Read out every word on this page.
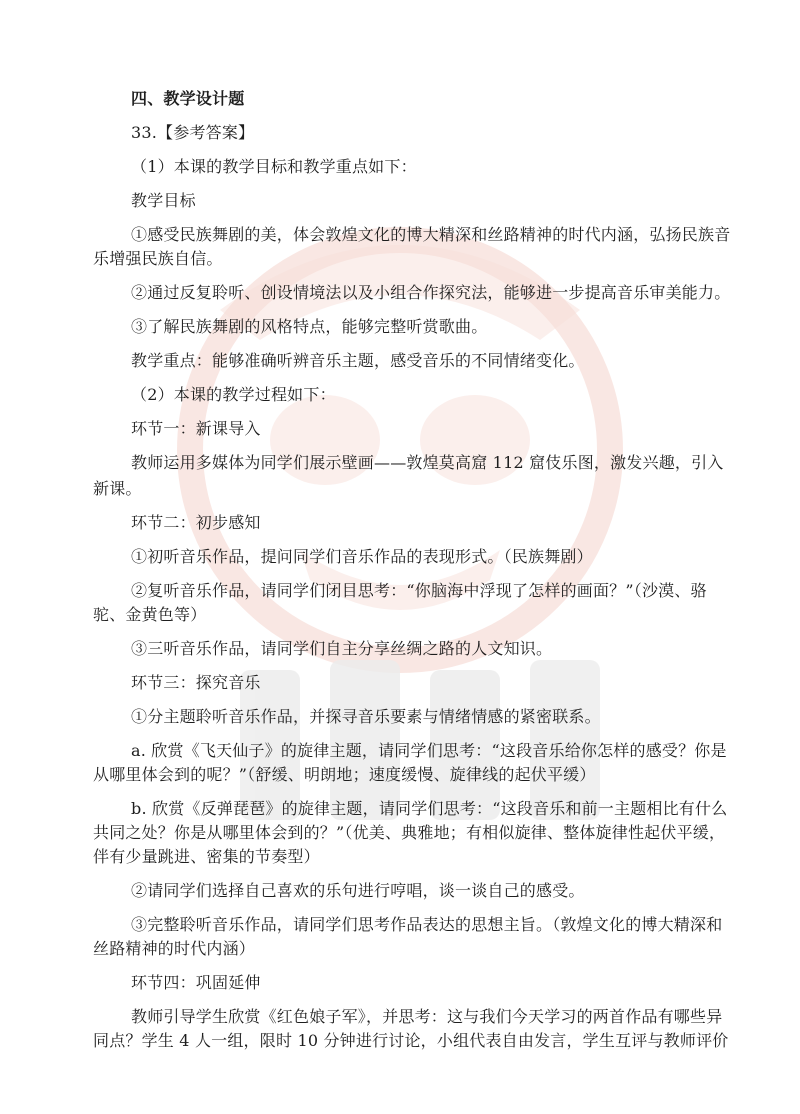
四、教学设计题
33.【参考答案】
（1）本课的教学目标和教学重点如下：
教学目标
①感受民族舞剧的美，体会敦煌文化的博大精深和丝路精神的时代内涵，弘扬民族音
乐增强民族自信。
②通过反复聆听、创设情境法以及小组合作探究法，能够进一步提高音乐审美能力。
③了解民族舞剧的风格特点，能够完整听赏歌曲。
教学重点：能够准确听辨音乐主题，感受音乐的不同情绪变化。
（2）本课的教学过程如下：
环节一：新课导入
教师运用多媒体为同学们展示壁画——敦煌莫高窟 112 窟伎乐图，激发兴趣，引入
新课。
环节二：初步感知
①初听音乐作品，提问同学们音乐作品的表现形式。（民族舞剧）
②复听音乐作品，请同学们闭目思考：“你脑海中浮现了怎样的画面？”（沙漠、骆
驼、金黄色等）
③三听音乐作品，请同学们自主分享丝绸之路的人文知识。
环节三：探究音乐
①分主题聆听音乐作品，并探寻音乐要素与情绪情感的紧密联系。
a. 欣赏《飞天仙子》的旋律主题，请同学们思考：“这段音乐给你怎样的感受？你是
从哪里体会到的呢？”（舒缓、明朗地；速度缓慢、旋律线的起伏平缓）
b. 欣赏《反弹琵琶》的旋律主题，请同学们思考：“这段音乐和前一主题相比有什么
共同之处？你是从哪里体会到的？”（优美、典雅地；有相似旋律、整体旋律性起伏平缓，
伴有少量跳进、密集的节奏型）
②请同学们选择自己喜欢的乐句进行哼唱，谈一谈自己的感受。
③完整聆听音乐作品，请同学们思考作品表达的思想主旨。（敦煌文化的博大精深和
丝路精神的时代内涵）
环节四：巩固延伸
教师引导学生欣赏《红色娘子军》，并思考：这与我们今天学习的两首作品有哪些异
同点？学生 4 人一组，限时 10 分钟进行讨论，小组代表自由发言，学生互评与教师评价
